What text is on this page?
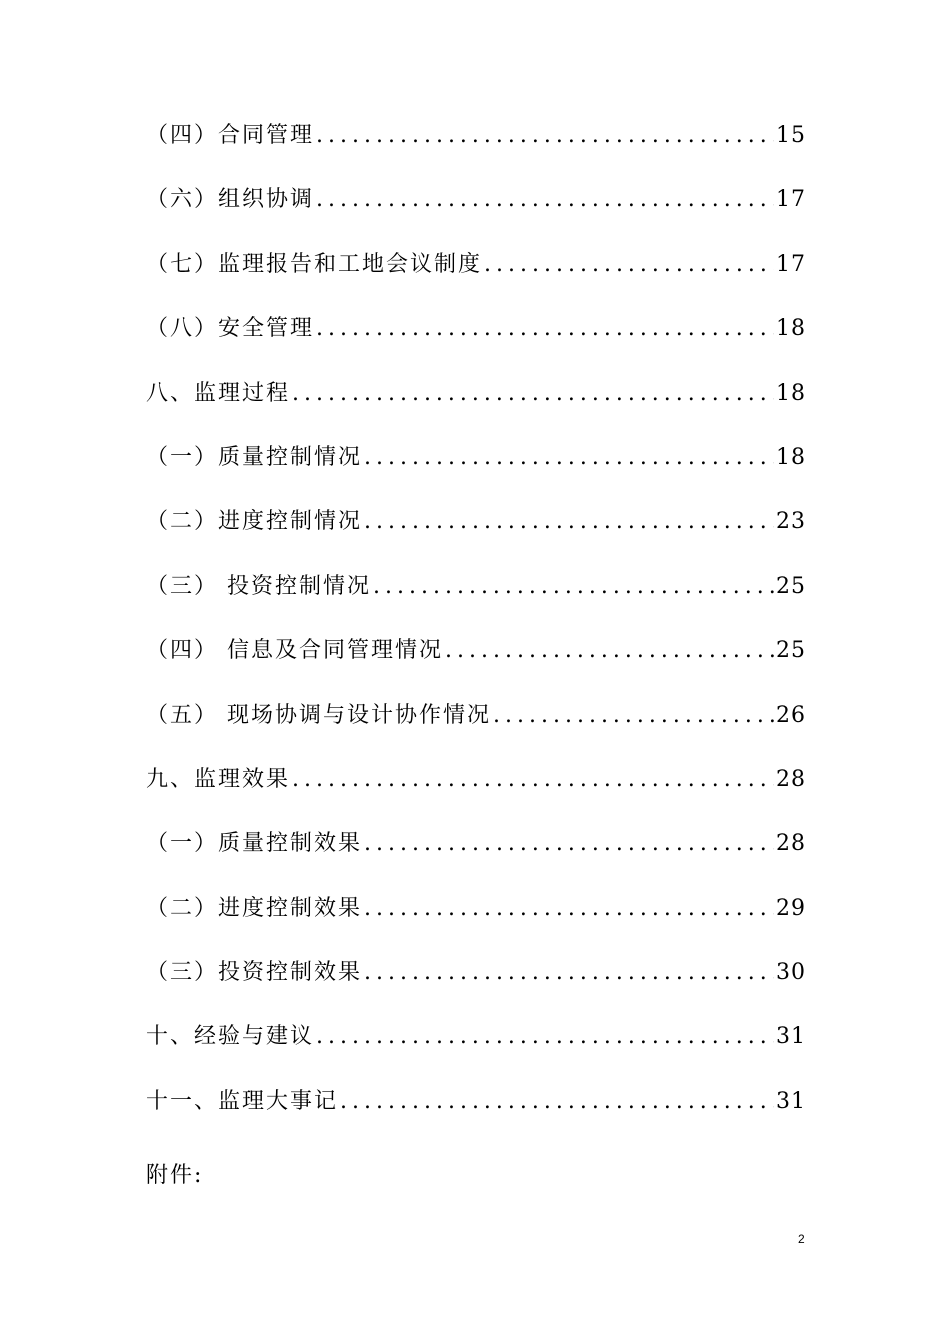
（四）合同管理 .....	15
（六）组织协调 .....	17
（七）监理报告和工地会议制度 .....	17
（八）安全管理 .....	18
八、监理过程 .....	18
（一）质量控制情况 .....	18
（二）进度控制情况 .....	23
（三） 投资控制情况 .....	25
（四） 信息及合同管理情况 .....	25
（五） 现场协调与设计协作情况 .....	26
九、监理效果 .....	28
（一）质量控制效果 .....	28
（二）进度控制效果 .....	29
（三）投资控制效果 .....	30
十、经验与建议 .....	31
十一、监理大事记 .....	31
附件:
2
